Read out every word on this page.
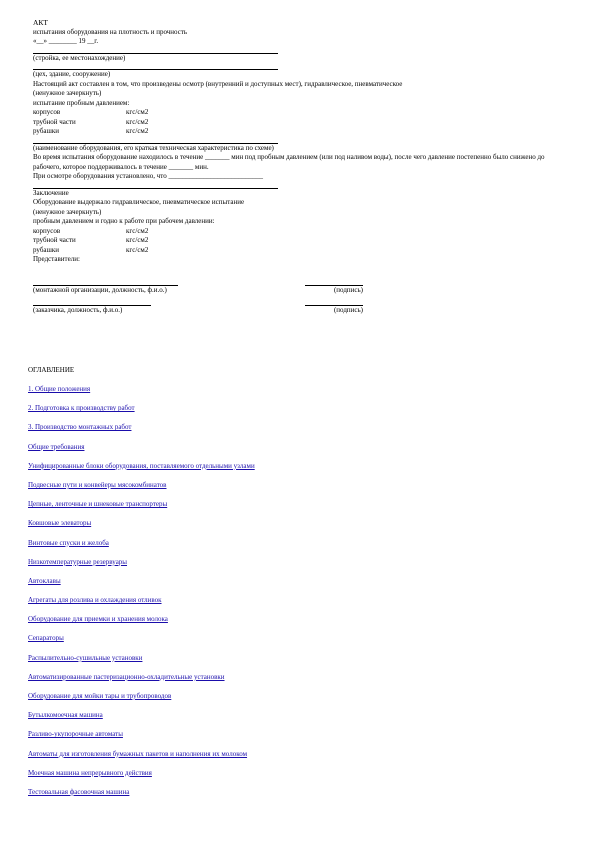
АКТ
испытания оборудования на плотность и прочность
«__» ________ 19 __г.
(стройка, ее местонахождение)
(цех, здание, сооружение)
Настоящий акт составлен в том, что произведены осмотр (внутренний и доступных мест), гидравлическое, пневматическое
(ненужное зачеркнуть)
испытание пробным давлением:
корпусов	кгс/см2
трубной части	кгс/см2
рубашки	кгс/см2
(наименование оборудования, его краткая техническая характеристика по схеме)
Во время испытания оборудование находилось в течение _______ мин под пробным давлением (или под наливом воды), после чего давление постепенно было снижено до рабочего, которое поддерживалось в течение _______ мин.
При осмотре оборудования установлено, что ___________________________
Заключение
Оборудование выдержало гидравлическое, пневматическое испытание
(ненужное зачеркнуть)
пробным давлением и годно к работе при рабочем давлении:
корпусов	кгс/см2
трубной части	кгс/см2
рубашки	кгс/см2
Представители:
(монтажной организации, должность, ф.и.о.)	(подпись)
(заказчика, должность, ф.и.о.)	(подпись)
ОГЛАВЛЕНИЕ
1. Общие положения
2. Подготовка к производству работ
3. Производство монтажных работ
Общие требования
Унифицированные блоки оборудования, поставляемого отдельными узлами
Подвесные пути и конвейеры мясокомбинатов
Цепные, ленточные и шнековые транспортеры
Ковшовые элеваторы
Винтовые спуски и желоба
Низкотемпературные резервуары
Автоклавы
Агрегаты для розлива и охлаждения отливок
Оборудование для приемки и хранения молока
Сепараторы
Распылительно-сушильные установки
Автоматизированные пастеризационно-охладительные установки
Оборудование для мойки тары и трубопроводов
Бутылкомоечная машина
Разливо-укупорочные автоматы
Автоматы для изготовления бумажных пакетов и наполнения их молоком
Моечная машина непрерывного действия
Тестовальная фасовочная машина
